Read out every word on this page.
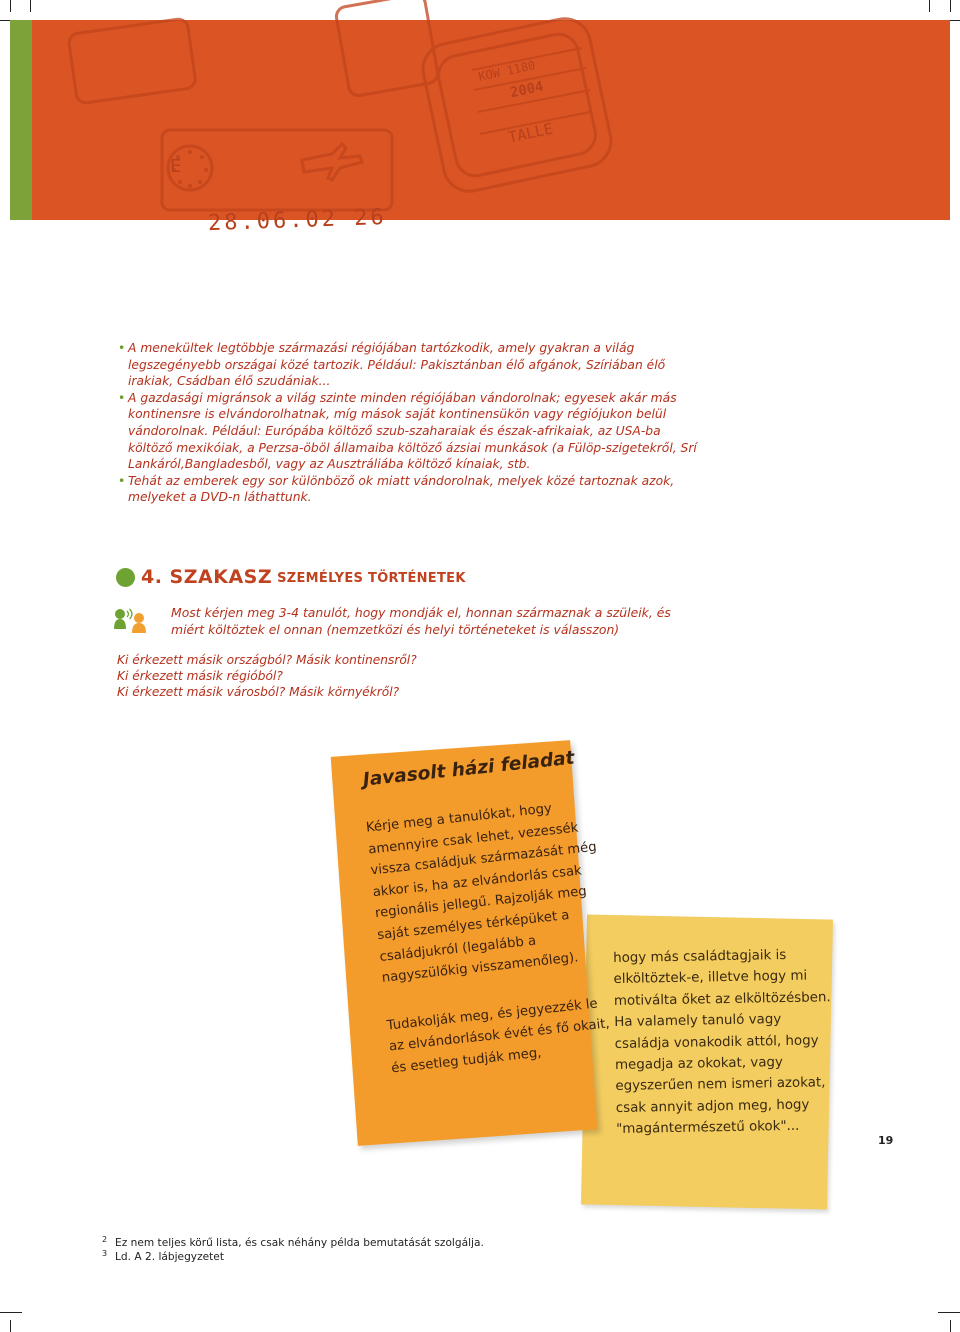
KOW 1180
2004
TALLE
E
28.06.02 26
• A menekültek legtöbbje származási régiójában tartózkodik, amely gyakran a világ legszegényebb országai közé tartozik. Például: Pakisztánban élő afgánok, Szíriában élő irakiak, Csádban élő szudániak...
• A gazdasági migránsok a világ szinte minden régiójában vándorolnak; egyesek akár más kontinensre is elvándorolhatnak, míg mások saját kontinensükön vagy régiójukon belül vándorolnak. Például: Európába költöző szub-szaharaiak és észak-afrikaiak, az USA-ba költöző mexikóiak, a Perzsa-öböl államaiba költöző ázsiai munkások (a Fülöp-szigetekről, Srí Lankáról,Bangladesből, vagy az Ausztráliába költöző kínaiak, stb.
• Tehát az emberek egy sor különböző ok miatt vándorolnak, melyek közé tartoznak azok, melyeket a DVD-n láthattunk.
4. SZAKASZ SZEMÉLYES TÖRTÉNETEK
Most kérjen meg 3-4 tanulót, hogy mondják el, honnan származnak a szüleik, és miért költöztek el onnan (nemzetközi és helyi történeteket is válasszon)
Ki érkezett másik országból? Másik kontinensről?
Ki érkezett másik régióból?
Ki érkezett másik városból? Másik környékről?
Javasolt házi feladat
Kérje meg a tanulókat, hogy amennyire csak lehet, vezessék vissza családjuk származását még akkor is, ha az elvándorlás csak regionális jellegű. Rajzolják meg saját személyes térképüket a családjukról (legalább a nagyszülőkig visszamenőleg).
Tudakolják meg, és jegyezzék le az elvándorlások évét és fő okait, és esetleg tudják meg,
hogy más családtagjaik is elköltöztek-e, illetve hogy mi motiválta őket az elköltözésben. Ha valamely tanuló vagy családja vonakodik attól, hogy megadja az okokat, vagy egyszerűen nem ismeri azokat, csak annyit adjon meg, hogy "magántermészetű okok"...
19
2 Ez nem teljes körű lista, és csak néhány példa bemutatását szolgálja.
3 Ld. A 2. lábjegyzetet
